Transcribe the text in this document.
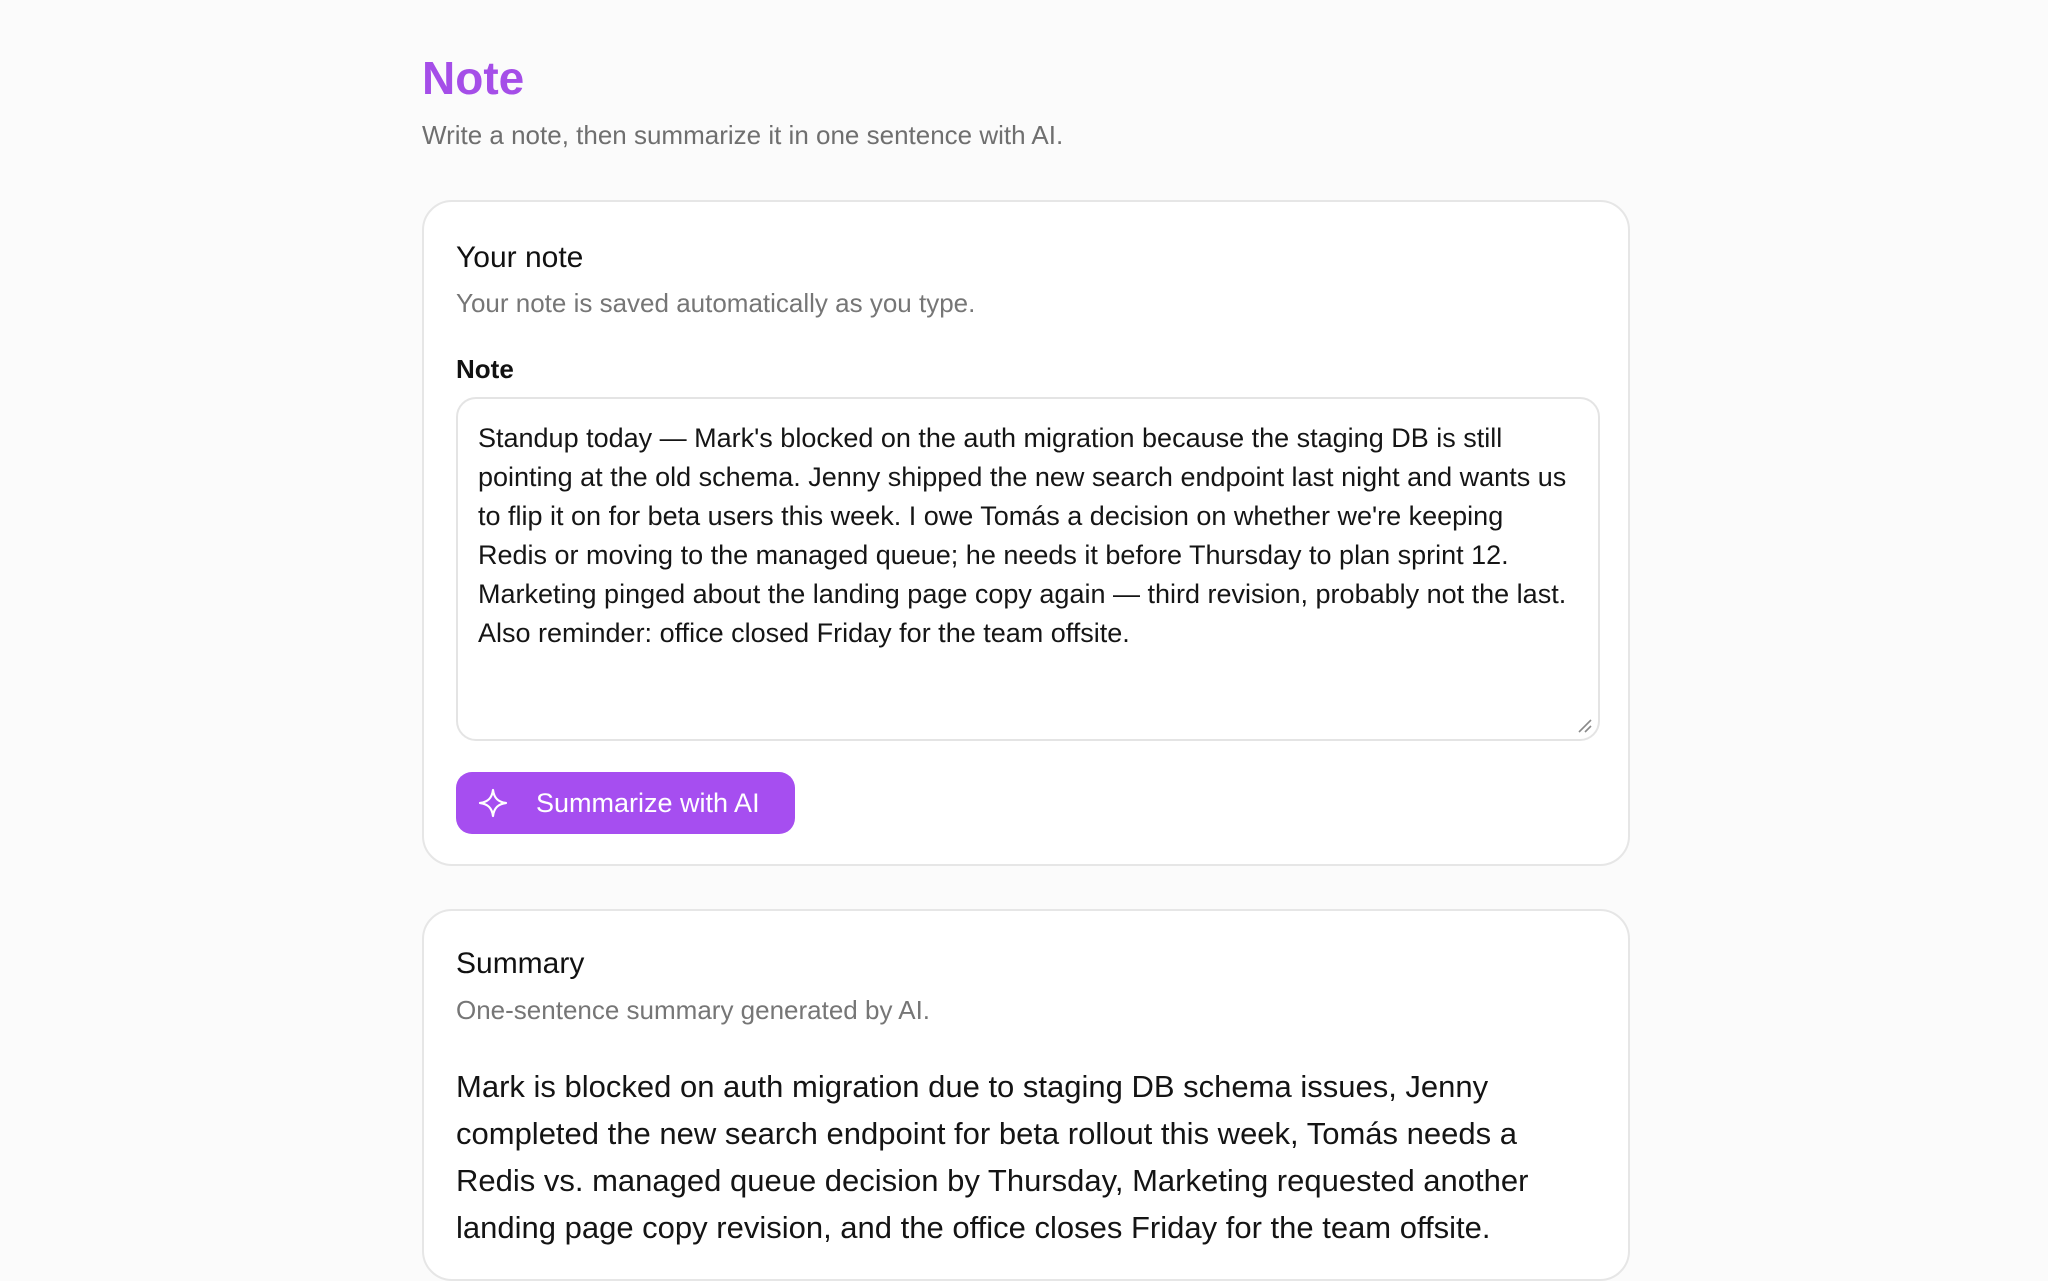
Note

Write a note, then summarize it in one sentence with AI.

Your note

Your note is saved automatically as you type.

Note
Standup today — Mark's blocked on the auth migration because the staging DB is still pointing at the old schema. Jenny shipped the new search endpoint last night and wants us to flip it on for beta users this week. I owe Tomás a decision on whether we're keeping Redis or moving to the managed queue; he needs it before Thursday to plan sprint 12. Marketing pinged about the landing page copy again — third revision, probably not the last. Also reminder: office closed Friday for the team offsite.
Summarize with AI
Summary

One-sentence summary generated by AI.

Mark is blocked on auth migration due to staging DB schema issues, Jenny completed the new search endpoint for beta rollout this week, Tomás needs a Redis vs. managed queue decision by Thursday, Marketing requested another landing page copy revision, and the office closes Friday for the team offsite.
